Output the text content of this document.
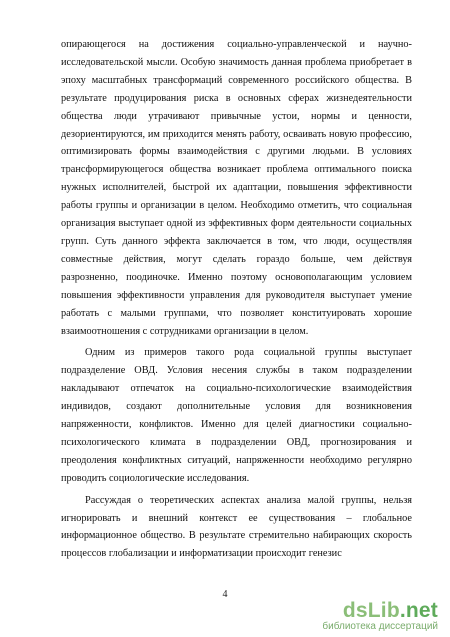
опирающегося на достижения социально-управленческой и научно-исследовательской мысли. Особую значимость данная проблема приобретает в эпоху масштабных трансформаций современного российского общества. В результате продуцирования риска в основных сферах жизнедеятельности общества люди утрачивают привычные устои, нормы и ценности, дезориентируются, им приходится менять работу, осваивать новую профессию, оптимизировать формы взаимодействия с другими людьми. В условиях трансформирующегося общества возникает проблема оптимального поиска нужных исполнителей, быстрой их адаптации, повышения эффективности работы группы и организации в целом. Необходимо отметить, что социальная организация выступает одной из эффективных форм деятельности социальных групп. Суть данного эффекта заключается в том, что люди, осуществляя совместные действия, могут сделать гораздо больше, чем действуя разрозненно, поодиночке. Именно поэтому основополагающим условием повышения эффективности управления для руководителя выступает умение работать с малыми группами, что позволяет конституировать хорошие взаимоотношения с сотрудниками организации в целом.

Одним из примеров такого рода социальной группы выступает подразделение ОВД. Условия несения службы в таком подразделении накладывают отпечаток на социально-психологические взаимодействия индивидов, создают дополнительные условия для возникновения напряженности, конфликтов. Именно для целей диагностики социально-психологического климата в подразделении ОВД, прогнозирования и преодоления конфликтных ситуаций, напряженности необходимо регулярно проводить социологические исследования.

Рассуждая о теоретических аспектах анализа малой группы, нельзя игнорировать и внешний контекст ее существования – глобальное информационное общество. В результате стремительно набирающих скорость процессов глобализации и информатизации происходит генезис

4
dsLib.net
библиотека диссертаций
